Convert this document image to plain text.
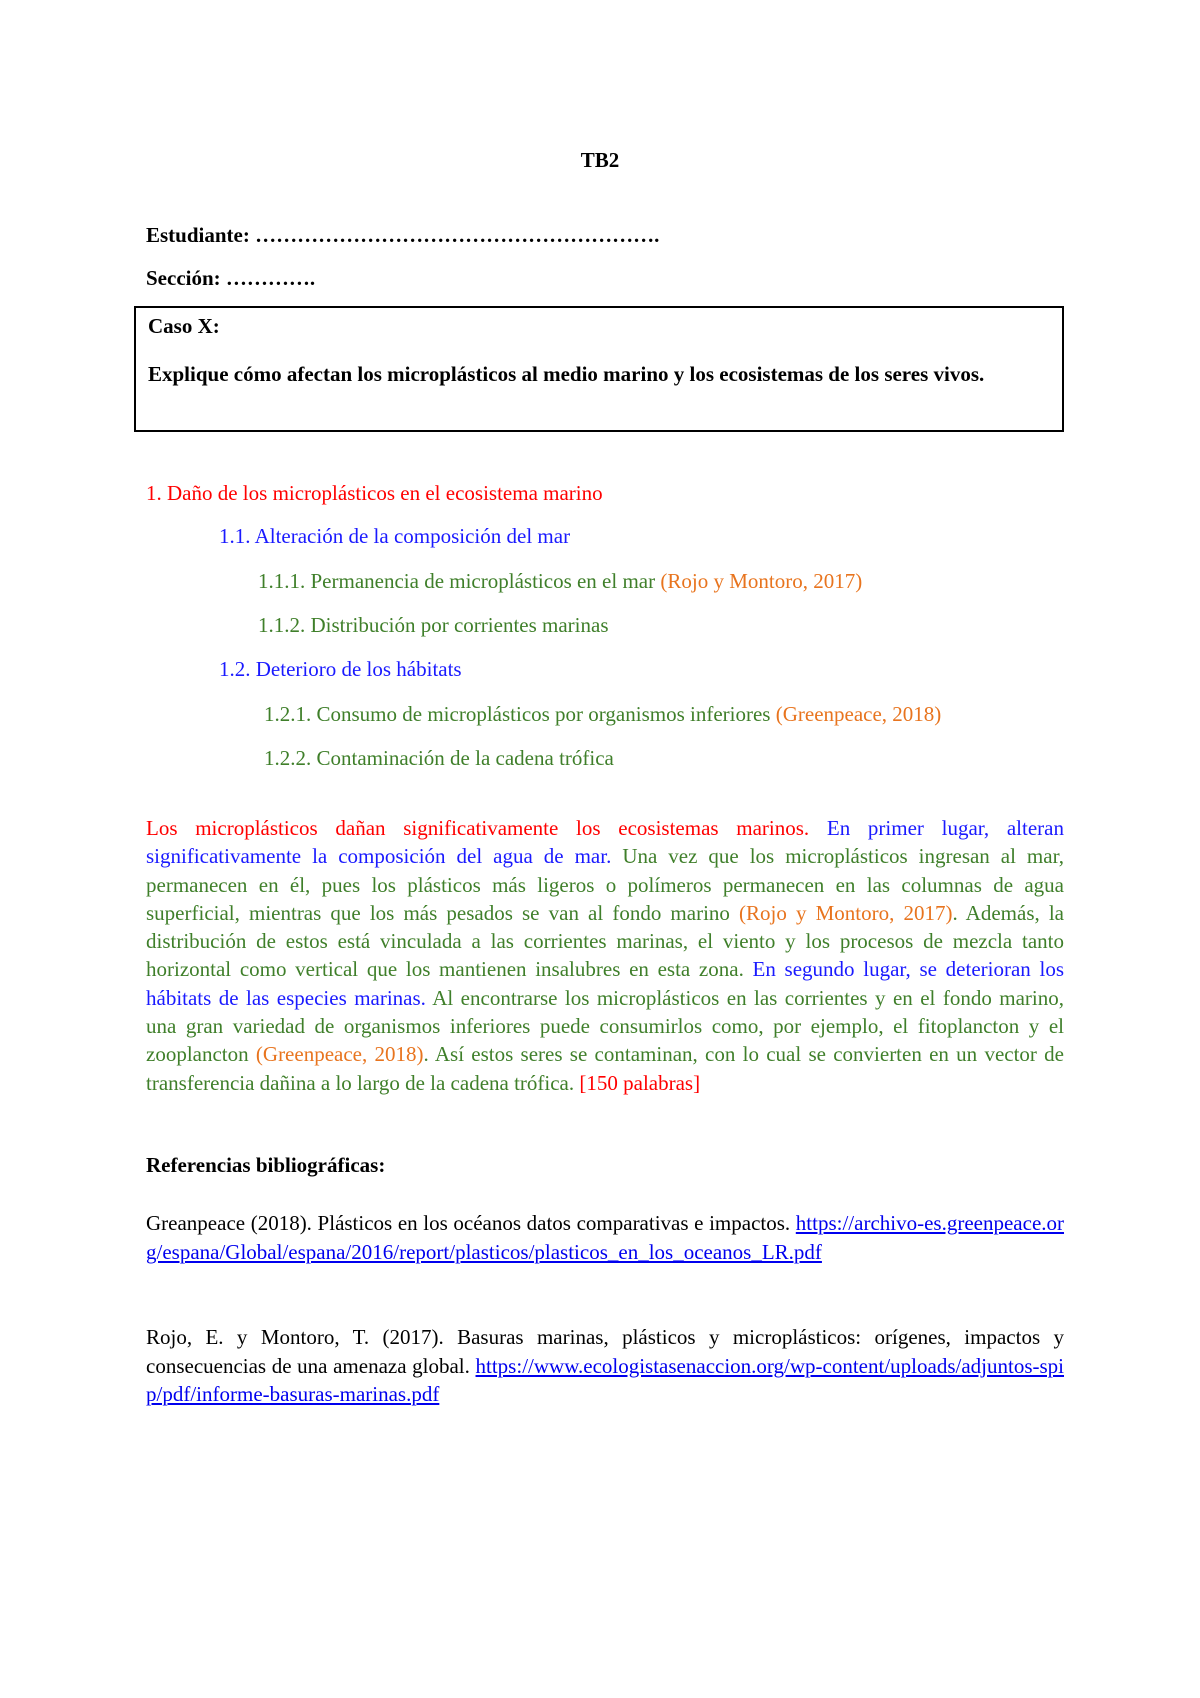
TB2
Estudiante: ………………………………………………….
Sección: ………….
Caso X:
Explique cómo afectan los microplásticos al medio marino y los ecosistemas de los seres vivos.
1. Daño de los microplásticos en el ecosistema marino
1.1. Alteración de la composición del mar
1.1.1. Permanencia de microplásticos en el mar (Rojo y Montoro, 2017)
1.1.2. Distribución por corrientes marinas
1.2. Deterioro de los hábitats
1.2.1. Consumo de microplásticos por organismos inferiores (Greenpeace, 2018)
1.2.2. Contaminación de la cadena trófica
Los microplásticos dañan significativamente los ecosistemas marinos. En primer lugar, alteran significativamente la composición del agua de mar. Una vez que los microplásticos ingresan al mar, permanecen en él, pues los plásticos más ligeros o polímeros permanecen en las columnas de agua superficial, mientras que los más pesados se van al fondo marino (Rojo y Montoro, 2017). Además, la distribución de estos está vinculada a las corrientes marinas, el viento y los procesos de mezcla tanto horizontal como vertical que los mantienen insalubres en esta zona. En segundo lugar, se deterioran los hábitats de las especies marinas. Al encontrarse los microplásticos en las corrientes y en el fondo marino, una gran variedad de organismos inferiores puede consumirlos como, por ejemplo, el fitoplancton y el zooplancton (Greenpeace, 2018). Así estos seres se contaminan, con lo cual se convierten en un vector de transferencia dañina a lo largo de la cadena trófica. [150 palabras]
Referencias bibliográficas:
Greanpeace (2018). Plásticos en los océanos datos comparativas e impactos. https://archivo-es.greenpeace.org/espana/Global/espana/2016/report/plasticos/plasticos_en_los_oceanos_LR.pdf
Rojo, E. y Montoro, T. (2017). Basuras marinas, plásticos y microplásticos: orígenes, impactos y consecuencias de una amenaza global. https://www.ecologistasenaccion.org/wp-content/uploads/adjuntos-spip/pdf/informe-basuras-marinas.pdf
